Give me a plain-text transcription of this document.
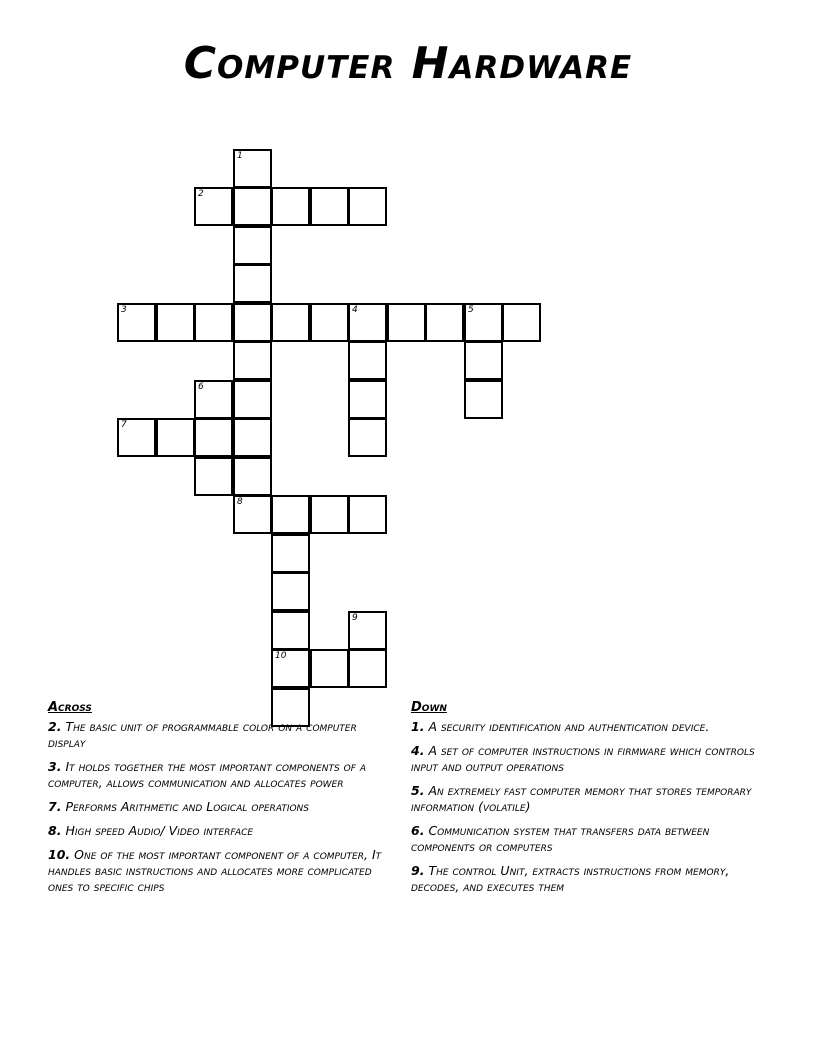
Computer Hardware
1
2
3	4	5
6
7
8
9
10
Across
2. The basic unit of programmable color on a computer display
3. It holds together the most important components of a computer, allows communication and allocates power
7. Performs Arithmetic and Logical operations
8. High speed Audio/ Video interface
10. One of the most important component of a computer, It handles basic instructions and allocates more complicated ones to specific chips
Down
1. A security identification and authentication device.
4. A set of computer instructions in firmware which controls input and output operations
5. An extremely fast computer memory that stores temporary information (volatile)
6. Communication system that transfers data between components or computers
9. The control Unit, extracts instructions from memory, decodes, and executes them
